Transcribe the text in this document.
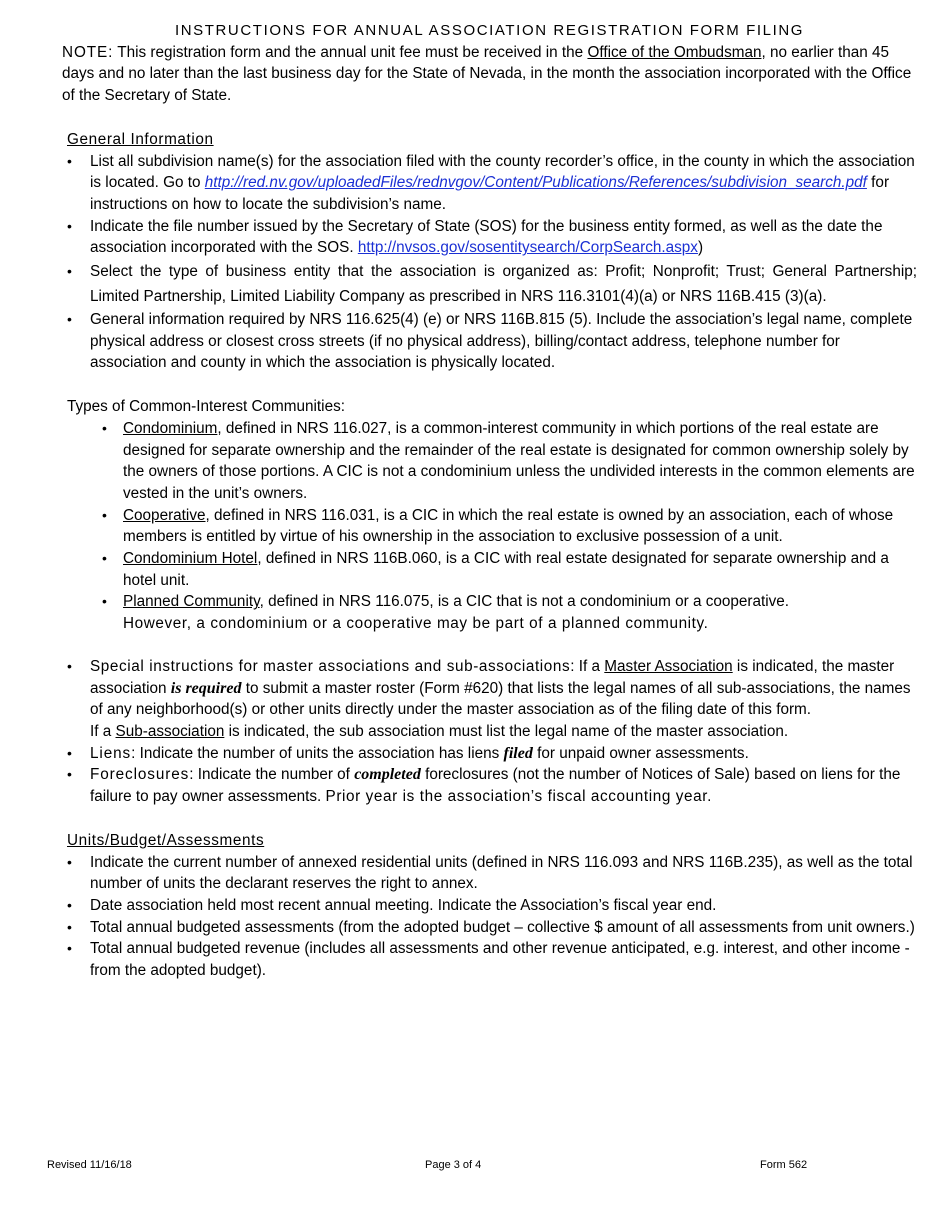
INSTRUCTIONS FOR ANNUAL ASSOCIATION REGISTRATION FORM FILING

NOTE: This registration form and the annual unit fee must be received in the Office of the Ombudsman, no earlier than 45 days and no later than the last business day for the State of Nevada, in the month the association incorporated with the Office of the Secretary of State.

General Information
• List all subdivision name(s) for the association filed with the county recorder’s office, in the county in which the association is located. Go to http://red.nv.gov/uploadedFiles/rednvgov/Content/Publications/References/subdivision_search.pdf for instructions on how to locate the subdivision’s name.
• Indicate the file number issued by the Secretary of State (SOS) for the business entity formed, as well as the date the association incorporated with the SOS. http://nvsos.gov/sosentitysearch/CorpSearch.aspx)
• Select the type of business entity that the association is organized as: Profit; Nonprofit; Trust; General Partnership; Limited Partnership, Limited Liability Company as prescribed in NRS 116.3101(4)(a) or NRS 116B.415 (3)(a).
• General information required by NRS 116.625(4) (e) or NRS 116B.815 (5). Include the association’s legal name, complete physical address or closest cross streets (if no physical address), billing/contact address, telephone number for association and county in which the association is physically located.
Types of Common-Interest Communities:
• Condominium, defined in NRS 116.027, is a common-interest community in which portions of the real estate are designed for separate ownership and the remainder of the real estate is designated for common ownership solely by the owners of those portions. A CIC is not a condominium unless the undivided interests in the common elements are vested in the unit’s owners.
• Cooperative, defined in NRS 116.031, is a CIC in which the real estate is owned by an association, each of whose members is entitled by virtue of his ownership in the association to exclusive possession of a unit.
• Condominium Hotel, defined in NRS 116B.060, is a CIC with real estate designated for separate ownership and a hotel unit.
• Planned Community, defined in NRS 116.075, is a CIC that is not a condominium or a cooperative.
However, a condominium or a cooperative may be part of a planned community.
• Special instructions for master associations and sub-associations: If a Master Association is indicated, the master association is required to submit a master roster (Form #620) that lists the legal names of all sub-associations, the names of any neighborhood(s) or other units directly under the master association as of the filing date of this form.
If a Sub-association is indicated, the sub association must list the legal name of the master association.
• Liens: Indicate the number of units the association has liens filed for unpaid owner assessments.
• Foreclosures: Indicate the number of completed foreclosures (not the number of Notices of Sale) based on liens for the failure to pay owner assessments. Prior year is the association’s fiscal accounting year.
Units/Budget/Assessments
• Indicate the current number of annexed residential units (defined in NRS 116.093 and NRS 116B.235), as well as the total number of units the declarant reserves the right to annex.
• Date association held most recent annual meeting. Indicate the Association’s fiscal year end.
• Total annual budgeted assessments (from the adopted budget – collective $ amount of all assessments from unit owners.)
• Total annual budgeted revenue (includes all assessments and other revenue anticipated, e.g. interest, and other income - from the adopted budget).
Revised 11/16/18	Page 3 of 4	Form 562
